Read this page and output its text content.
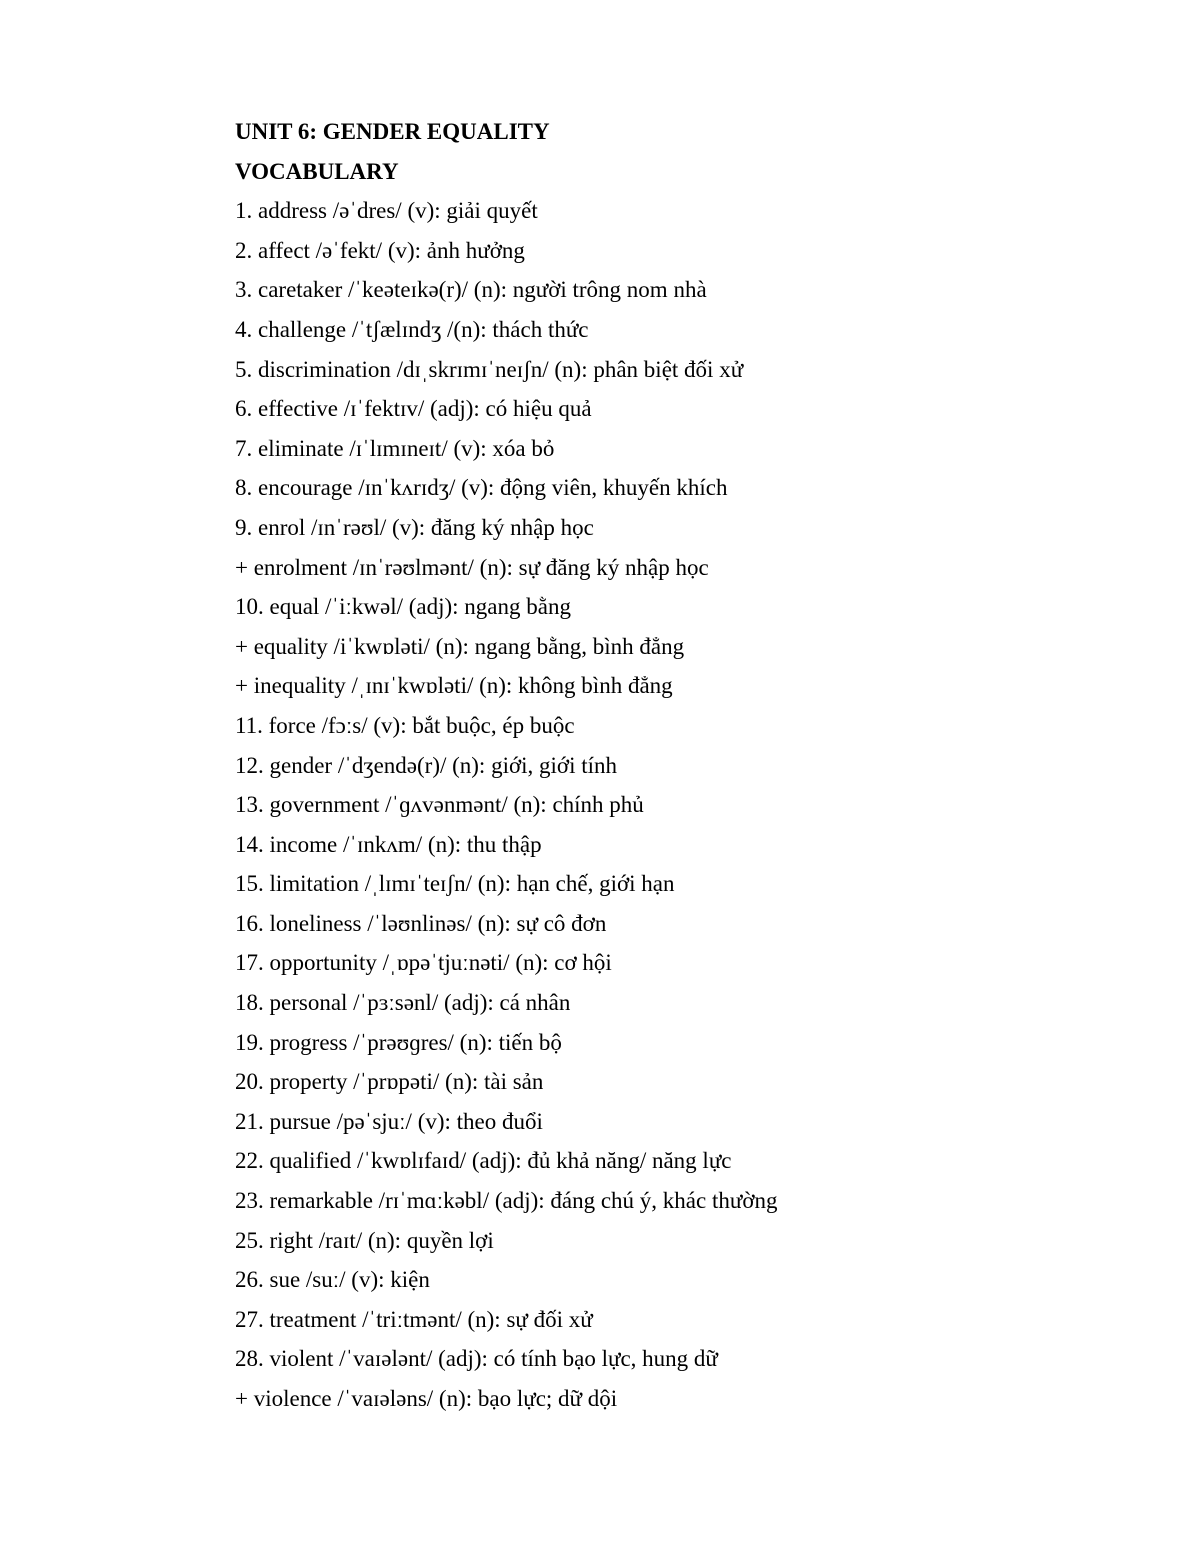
UNIT 6: GENDER EQUALITY
VOCABULARY
1. address /əˈdres/ (v): giải quyết
2. affect /əˈfekt/ (v): ảnh hưởng
3. caretaker /ˈkeəteɪkə(r)/ (n): người trông nom nhà
4. challenge /ˈtʃælɪndʒ /(n): thách thức
5. discrimination /dɪˌskrɪmɪˈneɪʃn/ (n): phân biệt đối xử
6. effective /ɪˈfektɪv/ (adj): có hiệu quả
7. eliminate /ɪˈlɪmɪneɪt/ (v): xóa bỏ
8. encourage /ɪnˈkʌrɪdʒ/ (v): động viên, khuyến khích
9. enrol /ɪnˈrəʊl/ (v): đăng ký nhập học
+ enrolment /ɪnˈrəʊlmənt/ (n): sự đăng ký nhập học
10. equal /ˈiːkwəl/ (adj): ngang bằng
+ equality /iˈkwɒləti/ (n): ngang bằng, bình đẳng
+ inequality /ˌɪnɪˈkwɒləti/ (n): không bình đẳng
11. force /fɔːs/ (v): bắt buộc, ép buộc
12. gender /ˈdʒendə(r)/ (n): giới, giới tính
13. government /ˈɡʌvənmənt/ (n): chính phủ
14. income /ˈɪnkʌm/ (n): thu thập
15. limitation /ˌlɪmɪˈteɪʃn/ (n): hạn chế, giới hạn
16. loneliness /ˈləʊnlinəs/ (n): sự cô đơn
17. opportunity /ˌɒpəˈtjuːnəti/ (n): cơ hội
18. personal /ˈpɜːsənl/ (adj): cá nhân
19. progress /ˈprəʊɡres/ (n): tiến bộ
20. property /ˈprɒpəti/ (n): tài sản
21. pursue /pəˈsjuː/ (v): theo đuổi
22. qualified /ˈkwɒlɪfaɪd/ (adj): đủ khả năng/ năng lực
23. remarkable /rɪˈmɑːkəbl/ (adj): đáng chú ý, khác thường
25. right /raɪt/ (n): quyền lợi
26. sue /suː/ (v): kiện
27. treatment /ˈtriːtmənt/ (n): sự đối xử
28. violent /ˈvaɪələnt/ (adj): có tính bạo lực, hung dữ
+ violence /ˈvaɪələns/ (n): bạo lực; dữ dội
